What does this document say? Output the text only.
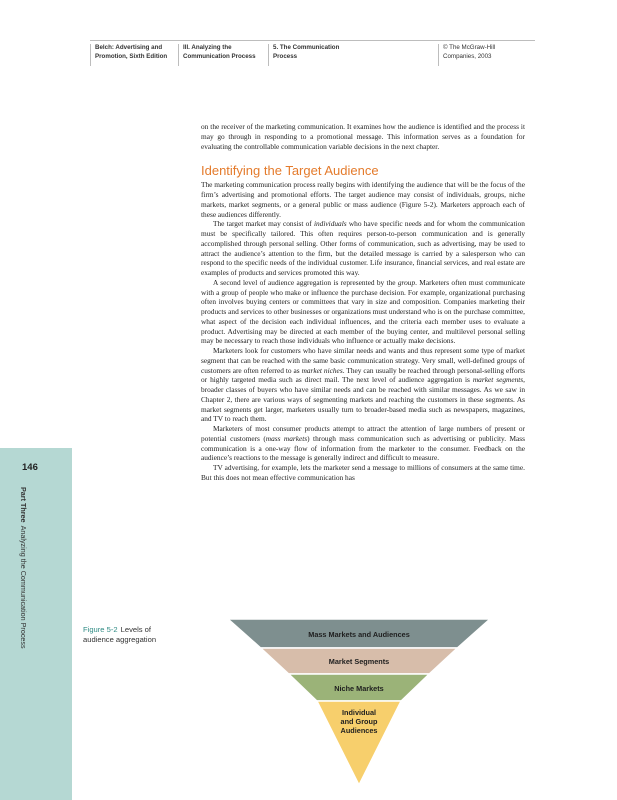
Belch: Advertising and
Promotion, Sixth Edition
III. Analyzing the
Communication Process
5. The Communication
Process
© The McGraw-Hill
Companies, 2003
146
Part ThreeAnalyzing the Communication Process

on the receiver of the marketing communication. It examines how the audience is identified and the process it may go through in responding to a promotional message. This information serves as a foundation for evaluating the controllable communication variable decisions in the next chapter.

Identifying the Target Audience

The marketing communication process really begins with identifying the audience that will be the focus of the firm’s advertising and promotional efforts. The target audience may consist of individuals, groups, niche markets, market segments, or a general public or mass audience (Figure 5-2). Marketers approach each of these audiences differently.

The target market may consist of individuals who have specific needs and for whom the communication must be specifically tailored. This often requires person-to-person communication and is generally accomplished through personal selling. Other forms of communication, such as advertising, may be used to attract the audience’s attention to the firm, but the detailed message is carried by a salesperson who can respond to the specific needs of the individual customer. Life insurance, financial services, and real estate are examples of products and services promoted this way.

A second level of audience aggregation is represented by the group. Marketers often must communicate with a group of people who make or influence the purchase decision. For example, organizational purchasing often involves buying centers or committees that vary in size and composition. Companies marketing their products and services to other businesses or organizations must understand who is on the purchase committee, what aspect of the decision each individual influences, and the criteria each member uses to evaluate a product. Advertising may be directed at each member of the buying center, and multilevel personal selling may be necessary to reach those individuals who influence or actually make decisions.

Marketers look for customers who have similar needs and wants and thus represent some type of market segment that can be reached with the same basic communication strategy. Very small, well-defined groups of customers are often referred to as market niches. They can usually be reached through personal-selling efforts or highly targeted media such as direct mail. The next level of audience aggregation is market segments, broader classes of buyers who have similar needs and can be reached with similar messages. As we saw in Chapter 2, there are various ways of segmenting markets and reaching the customers in these segments. As market segments get larger, marketers usually turn to broader-based media such as newspapers, magazines, and TV to reach them.

Marketers of most consumer products attempt to attract the attention of large numbers of present or potential customers (mass markets) through mass communication such as advertising or publicity. Mass communication is a one-way flow of information from the marketer to the consumer. Feedback on the audience’s reactions to the message is generally indirect and difficult to measure.

TV advertising, for example, lets the marketer send a message to millions of consumers at the same time. But this does not mean effective communication has

Figure 5-2 Levels of audience aggregation
Mass Markets and Audiences
Market Segments
Niche Markets
Individual
and Group
Audiences
